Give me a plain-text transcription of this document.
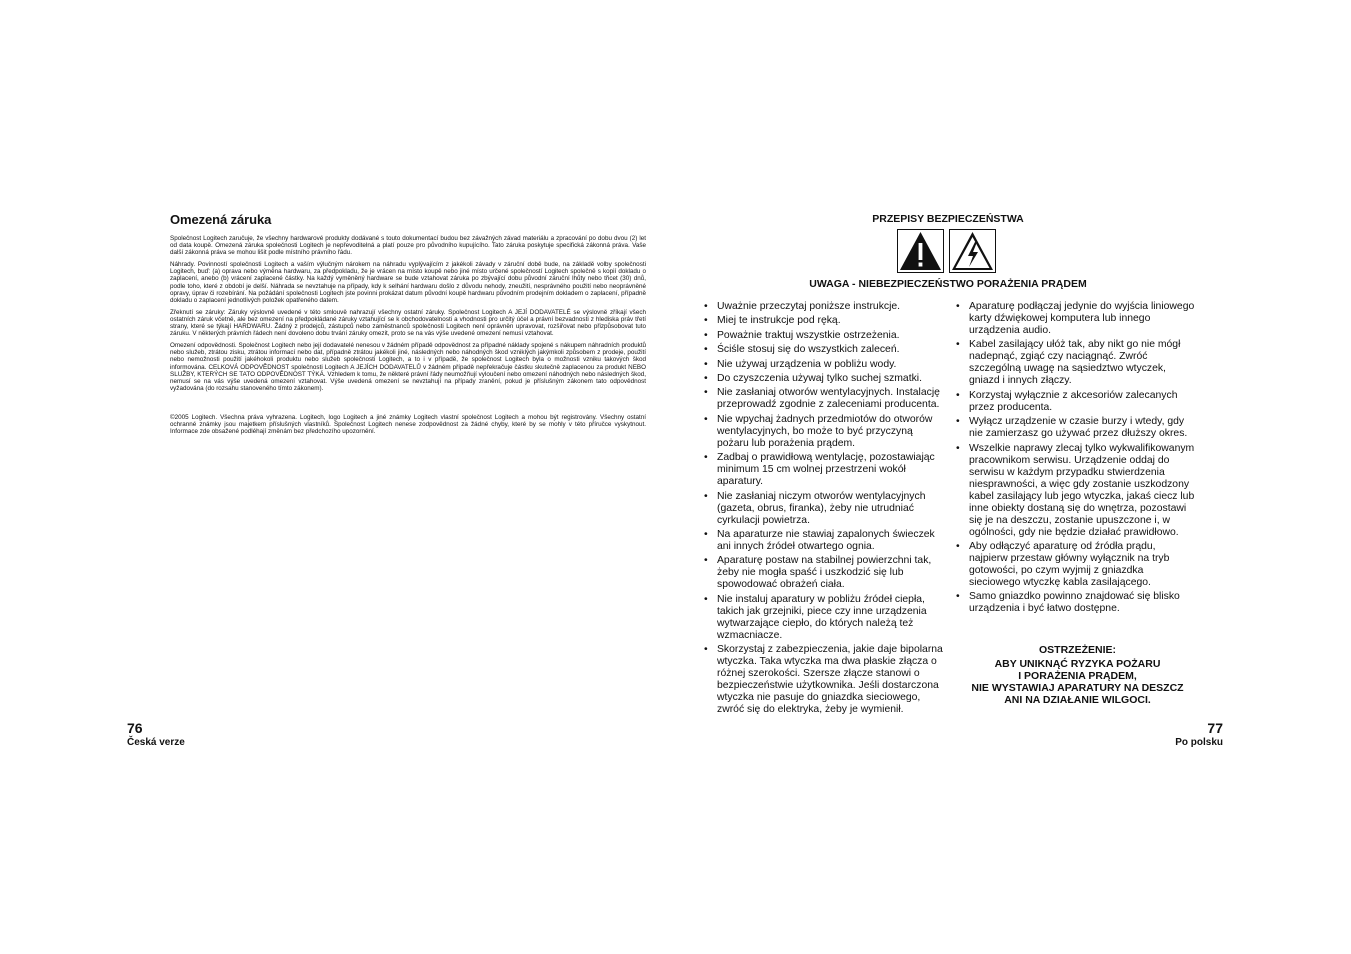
Omezená záruka

Společnost Logitech zaručuje, že všechny hardwarové produkty dodávané s touto dokumentací budou bez závažných závad materiálu a zpracování po dobu dvou (2) let od data koupě. Omezená záruka společnosti Logitech je nepřevoditelná a platí pouze pro původního kupujícího. Tato záruka poskytuje specifická zákonná práva. Vaše další zákonná práva se mohou lišit podle místního právního řádu.

Náhrady. Povinností společnosti Logitech a vaším výlučným nárokem na náhradu vyplývajícím z jakékoli závady v záruční době bude, na základě volby společnosti Logitech, buď: (a) oprava nebo výměna hardwaru, za předpokladu, že je vrácen na místo koupě nebo jiné místo určené společností Logitech společně s kopií dokladu o zaplacení, anebo (b) vrácení zaplacené částky. Na každý vyměněný hardware se bude vztahovat záruka po zbývající dobu původní záruční lhůty nebo třicet (30) dnů, podle toho, které z období je delší. Náhrada se nevztahuje na případy, kdy k selhání hardwaru došlo z důvodu nehody, zneužití, nesprávného použití nebo neoprávněné opravy, úprav či rozebírání. Na požádání společnosti Logitech jste povinni prokázat datum původní koupě hardwaru původním prodejním dokladem o zaplacení, případně dokladu o zaplacení jednotlivých položek opatřeného datem.

Zřeknutí se záruky: Záruky výslovně uvedené v této smlouvě nahrazují všechny ostatní záruky. Společnost Logitech A JEJÍ DODAVATELÉ se výslovně zříkají všech ostatních záruk včetně, ale bez omezení na předpokládané záruky vztahující se k obchodovatelnosti a vhodnosti pro určitý účel a právní bezvadnosti z hlediska práv třetí strany, které se týkají HARDWARU. Žádný z prodejců, zástupců nebo zaměstnanců společnosti Logitech není oprávněn upravovat, rozšiřovat nebo přizpůsobovat tuto záruku. V některých právních řádech není dovoleno dobu trvání záruky omezit, proto se na vás výše uvedené omezení nemusí vztahovat.

Omezení odpovědnosti. Společnost Logitech nebo její dodavatelé nenesou v žádném případě odpovědnost za případné náklady spojené s nákupem náhradních produktů nebo služeb, ztrátou zisku, ztrátou informací nebo dat, případně ztrátou jakékoli jiné, následných nebo náhodných škod vzniklých jakýmkoli způsobem z prodeje, použití nebo nemožnosti použití jakéhokoli produktu nebo služeb společnosti Logitech, a to i v případě, že společnost Logitech byla o možnosti vzniku takových škod informována. CELKOVÁ ODPOVĚDNOST společnosti Logitech A JEJÍCH DODAVATELŮ v žádném případě nepřekračuje částku skutečně zaplacenou za produkt NEBO SLUŽBY, KTERÝCH SE TATO ODPOVĚDNOST TÝKÁ. Vzhledem k tomu, že některé právní řády neumožňují vyloučení nebo omezení náhodných nebo následných škod, nemusí se na vás výše uvedená omezení vztahovat. Výše uvedená omezení se nevztahují na případy zranění, pokud je příslušným zákonem tato odpovědnost vyžadována (do rozsahu stanoveného tímto zákonem).

©2005 Logitech. Všechna práva vyhrazena. Logitech, logo Logitech a jiné známky Logitech vlastní společnost Logitech a mohou být registrovány. Všechny ostatní ochranné známky jsou majetkem příslušných vlastníků. Společnost Logitech nenese zodpovědnost za žádné chyby, které by se mohly v této příručce vyskytnout. Informace zde obsažené podléhají změnám bez předchozího upozornění.

76
Česká verze
PRZEPISY BEZPIECZEŃSTWA
UWAGA - NIEBEZPIECZEŃSTWO PORAŻENIA PRĄDEM
• Uważnie przeczytaj poniższe instrukcje.
• Miej te instrukcje pod ręką.
• Poważnie traktuj wszystkie ostrzeżenia.
• Ściśle stosuj się do wszystkich zaleceń.
• Nie używaj urządzenia w pobliżu wody.
• Do czyszczenia używaj tylko suchej szmatki.
• Nie zasłaniaj otworów wentylacyjnych. Instalację przeprowadź zgodnie z zaleceniami producenta.
• Nie wpychaj żadnych przedmiotów do otworów wentylacyjnych, bo może to być przyczyną pożaru lub porażenia prądem.
• Zadbaj o prawidłową wentylację, pozostawiając minimum 15 cm wolnej przestrzeni wokół aparatury.
• Nie zasłaniaj niczym otworów wentylacyjnych (gazeta, obrus, firanka), żeby nie utrudniać cyrkulacji powietrza.
• Na aparaturze nie stawiaj zapalonych świeczek ani innych źródeł otwartego ognia.
• Aparaturę postaw na stabilnej powierzchni tak, żeby nie mogła spaść i uszkodzić się lub spowodować obrażeń ciała.
• Nie instaluj aparatury w pobliżu źródeł ciepła, takich jak grzejniki, piece czy inne urządzenia wytwarzające ciepło, do których należą też wzmacniacze.
• Skorzystaj z zabezpieczenia, jakie daje bipolarna wtyczka. Taka wtyczka ma dwa płaskie złącza o różnej szerokości. Szersze złącze stanowi o bezpieczeństwie użytkownika. Jeśli dostarczona wtyczka nie pasuje do gniazdka sieciowego, zwróć się do elektryka, żeby je wymienił.
• Aparaturę podłączaj jedynie do wyjścia liniowego karty dźwiękowej komputera lub innego urządzenia audio.
• Kabel zasilający ułóż tak, aby nikt go nie mógł nadepnąć, zgiąć czy naciągnąć. Zwróć szczególną uwagę na sąsiedztwo wtyczek, gniazd i innych złączy.
• Korzystaj wyłącznie z akcesoriów zalecanych przez producenta.
• Wyłącz urządzenie w czasie burzy i wtedy, gdy nie zamierzasz go używać przez dłuższy okres.
• Wszelkie naprawy zlecaj tylko wykwalifikowanym pracownikom serwisu. Urządzenie oddaj do serwisu w każdym przypadku stwierdzenia niesprawności, a więc gdy zostanie uszkodzony kabel zasilający lub jego wtyczka, jakaś ciecz lub inne obiekty dostaną się do wnętrza, pozostawi się je na deszczu, zostanie upuszczone i, w ogólności, gdy nie będzie działać prawidłowo.
• Aby odłączyć aparaturę od źródła prądu, najpierw przestaw główny wyłącznik na tryb gotowości, po czym wyjmij z gniazdka sieciowego wtyczkę kabla zasilającego.
• Samo gniazdko powinno znajdować się blisko urządzenia i być łatwo dostępne.
OSTRZEŻENIE:
ABY UNIKNĄĆ RYZYKA POŻARU
I PORAŻENIA PRĄDEM,
NIE WYSTAWIAJ APARATURY NA DESZCZ
ANI NA DZIAŁANIE WILGOCI.
77
Po polsku
